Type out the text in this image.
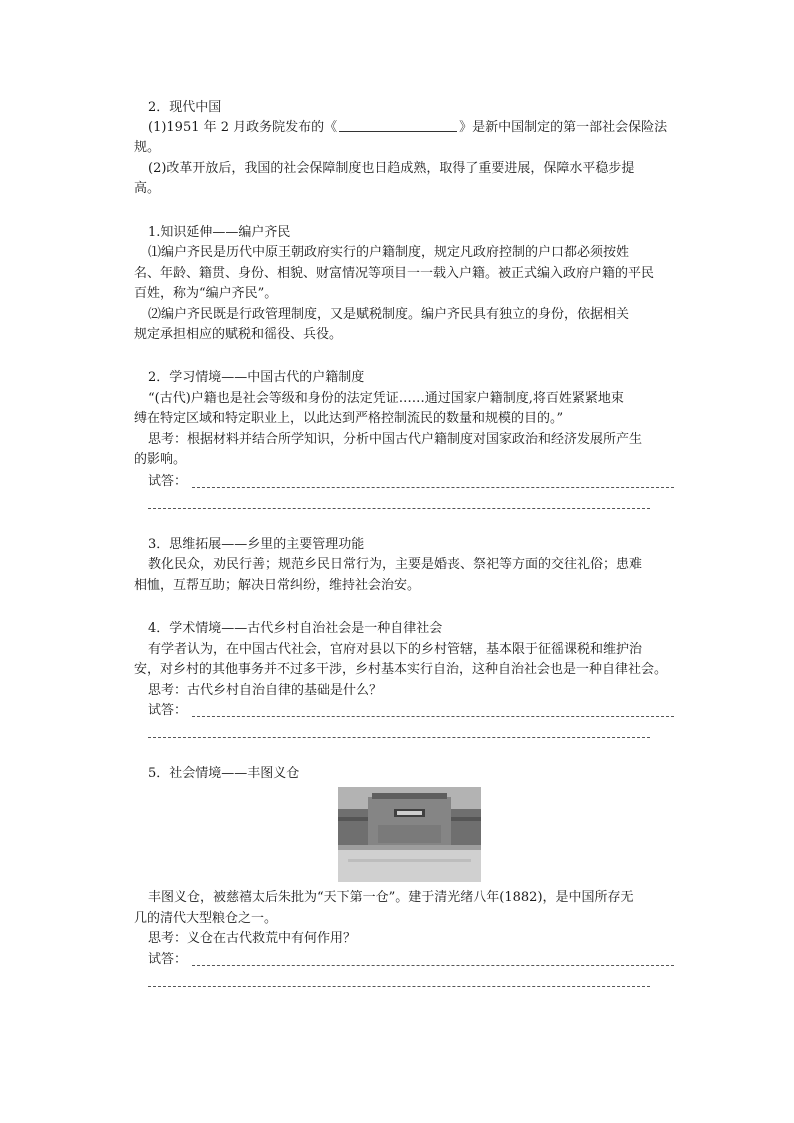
2．现代中国
(1)1951 年 2 月政务院发布的《	》是新中国制定的第一部社会保险法
规。
(2)改革开放后，我国的社会保障制度也日趋成熟，取得了重要进展，保障水平稳步提
高。
1.知识延伸——编户齐民
⑴编户齐民是历代中原王朝政府实行的户籍制度，规定凡政府控制的户口都必须按姓
名、年龄、籍贯、身份、相貌、财富情况等项目一一载入户籍。被正式编入政府户籍的平民
百姓，称为“编户齐民”。
⑵编户齐民既是行政管理制度，又是赋税制度。编户齐民具有独立的身份，依据相关
规定承担相应的赋税和徭役、兵役。
2．学习情境——中国古代的户籍制度
“(古代)户籍也是社会等级和身份的法定凭证……通过国家户籍制度,将百姓紧紧地束
缚在特定区域和特定职业上，以此达到严格控制流民的数量和规模的目的。”
思考：根据材料并结合所学知识，分析中国古代户籍制度对国家政治和经济发展所产生
的影响。
试答：
3．思维拓展——乡里的主要管理功能
教化民众，劝民行善；规范乡民日常行为，主要是婚丧、祭祀等方面的交往礼俗；患难
相恤，互帮互助；解决日常纠纷，维持社会治安。
4．学术情境——古代乡村自治社会是一种自律社会
有学者认为，在中国古代社会，官府对县以下的乡村管辖，基本限于征徭课税和维护治
安，对乡村的其他事务并不过多干涉，乡村基本实行自治，这种自治社会也是一种自律社会。
思考：古代乡村自治自律的基础是什么？
试答：
5．社会情境——丰图义仓
丰图义仓，被慈禧太后朱批为“天下第一仓”。建于清光绪八年(1882)，是中国所存无
几的清代大型粮仓之一。
思考：义仓在古代救荒中有何作用？
试答：
